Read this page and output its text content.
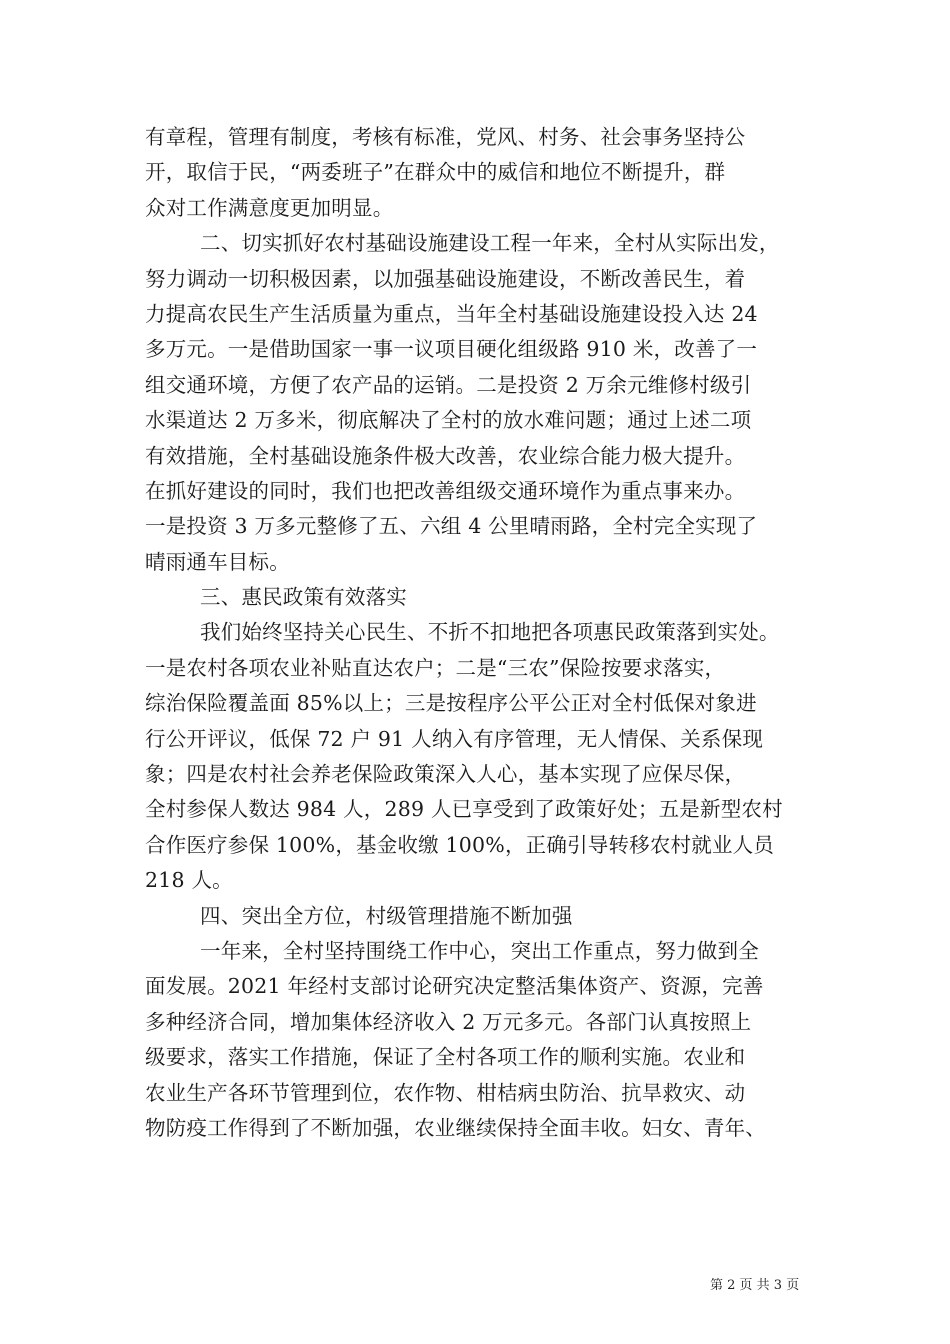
有章程，管理有制度，考核有标准，党风、村务、社会事务坚持公
开，取信于民，“两委班子”在群众中的威信和地位不断提升，群
众对工作满意度更加明显。
二、切实抓好农村基础设施建设工程一年来，全村从实际出发，
努力调动一切积极因素，以加强基础设施建设，不断改善民生，着
力提高农民生产生活质量为重点，当年全村基础设施建设投入达 24
多万元。一是借助国家一事一议项目硬化组级路 910 米，改善了一
组交通环境，方便了农产品的运销。二是投资 2 万余元维修村级引
水渠道达 2 万多米，彻底解决了全村的放水难问题；通过上述二项
有效措施，全村基础设施条件极大改善，农业综合能力极大提升。
在抓好建设的同时，我们也把改善组级交通环境作为重点事来办。
一是投资 3 万多元整修了五、六组 4 公里晴雨路，全村完全实现了
晴雨通车目标。
三、惠民政策有效落实
我们始终坚持关心民生、不折不扣地把各项惠民政策落到实处。
一是农村各项农业补贴直达农户；二是“三农”保险按要求落实，
综治保险覆盖面 85%以上；三是按程序公平公正对全村低保对象进
行公开评议，低保 72 户 91 人纳入有序管理，无人情保、关系保现
象；四是农村社会养老保险政策深入人心，基本实现了应保尽保，
全村参保人数达 984 人，289 人已享受到了政策好处；五是新型农村
合作医疗参保 100%，基金收缴 100%，正确引导转移农村就业人员
218 人。
四、突出全方位，村级管理措施不断加强
一年来，全村坚持围绕工作中心，突出工作重点，努力做到全
面发展。2021 年经村支部讨论研究决定整活集体资产、资源，完善
多种经济合同，增加集体经济收入 2 万元多元。各部门认真按照上
级要求，落实工作措施，保证了全村各项工作的顺利实施。农业和
农业生产各环节管理到位，农作物、柑桔病虫防治、抗旱救灾、动
物防疫工作得到了不断加强，农业继续保持全面丰收。妇女、青年、
第 2 页 共 3 页
